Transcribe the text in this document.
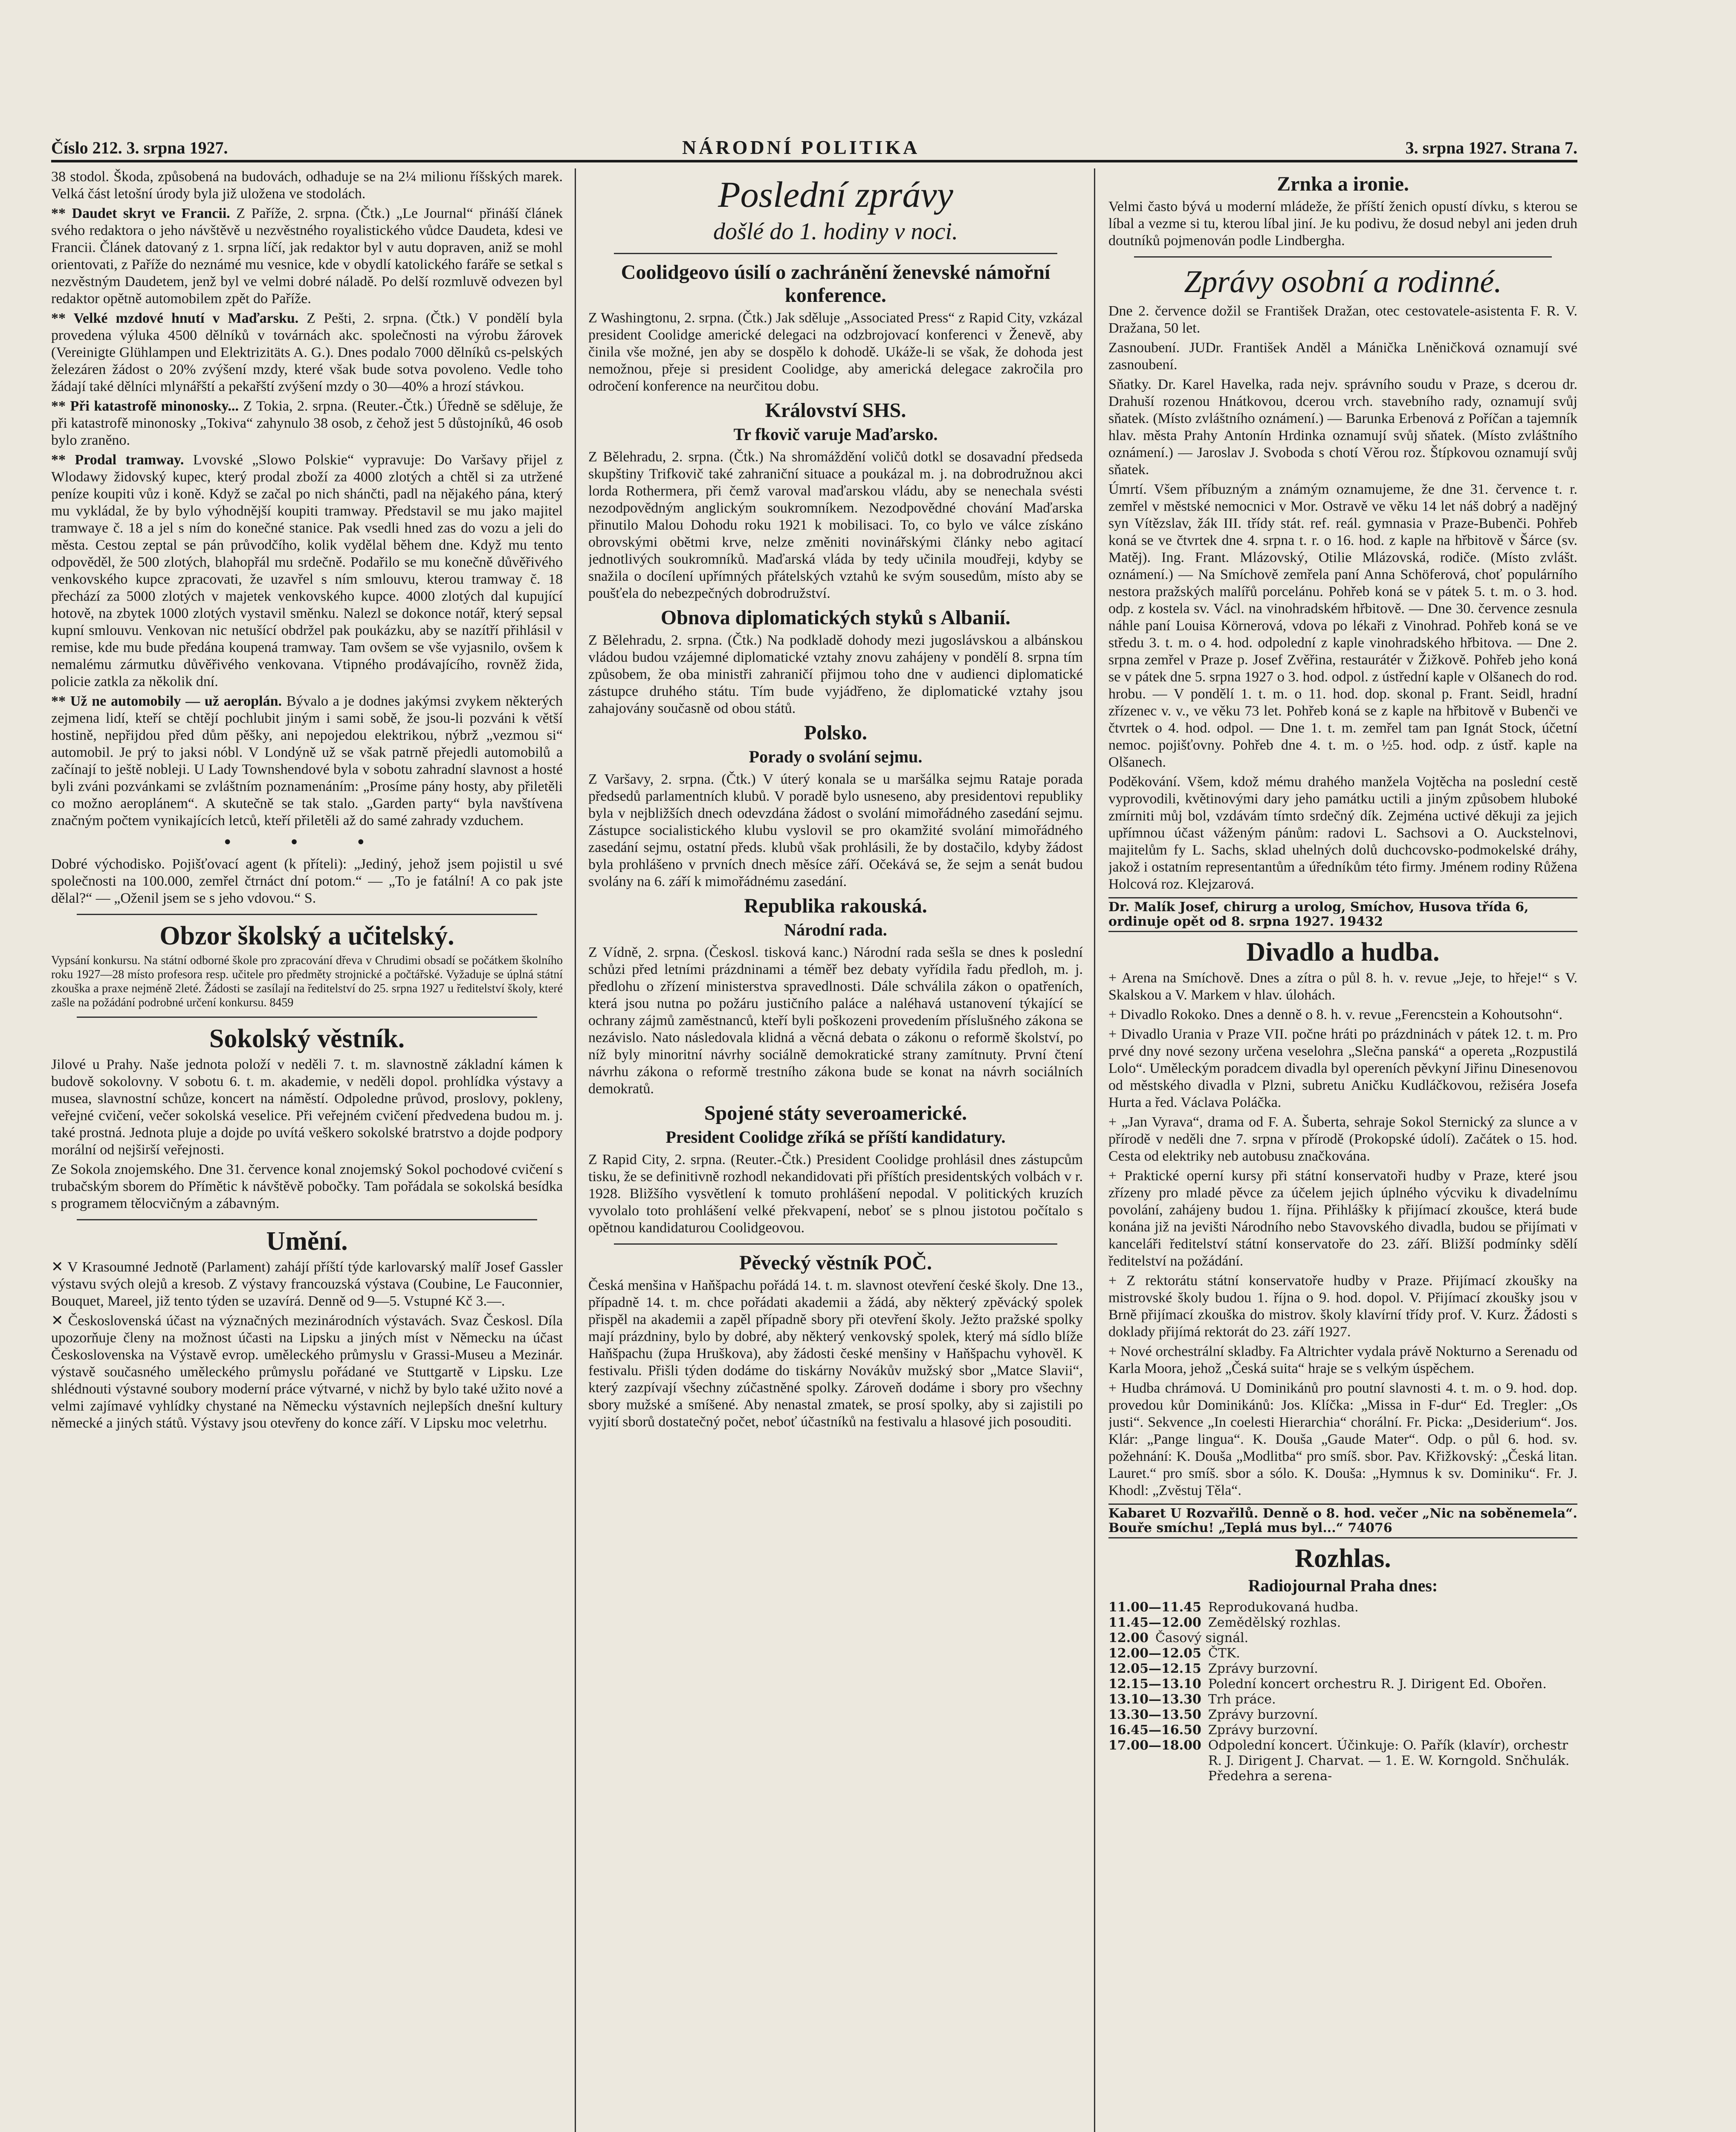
Číslo 212. 3. srpna 1927.	NÁRODNÍ POLITIKA	3. srpna 1927. Strana 7.

38 stodol. Škoda, způsobená na budovách, odhaduje se na 2¼ milionu říšských marek. Velká část letošní úrody byla již uložena ve stodolách.

** Daudet skryt ve Francii. Z Paříže, 2. srpna. (Čtk.) „Le Journal“ přináší článek svého redaktora o jeho návštěvě u nezvěstného royalistického vůdce Daudeta, kdesi ve Francii. Článek datovaný z 1. srpna líčí, jak redaktor byl v autu dopraven, aniž se mohl orientovati, z Paříže do neznámé mu vesnice, kde v obydlí katolického faráře se setkal s nezvěstným Daudetem, jenž byl ve velmi dobré náladě. Po delší rozmluvě odvezen byl redaktor opětně automobilem zpět do Paříže.

** Velké mzdové hnutí v Maďarsku. Z Pešti, 2. srpna. (Čtk.) V pondělí byla provedena výluka 4500 dělníků v továrnách akc. společnosti na výrobu žárovek (Vereinigte Glühlampen und Elektrizitäts A. G.). Dnes podalo 7000 dělníků cs-pelských železáren žádost o 20% zvýšení mzdy, které však bude sotva povoleno. Vedle toho žádají také dělníci mlynářští a pekařští zvýšení mzdy o 30—40% a hrozí stávkou.

** Při katastrofě minonosky... Z Tokia, 2. srpna. (Reuter.-Čtk.) Úředně se sděluje, že při katastrofě minonosky „Tokiva“ zahynulo 38 osob, z čehož jest 5 důstojníků, 46 osob bylo zraněno.

** Prodal tramway. Lvovské „Slowo Polskie“ vypravuje: Do Varšavy přijel z Wlodawy židovský kupec, který prodal zboží za 4000 zlotých a chtěl si za utržené peníze koupiti vůz i koně. Když se začal po nich shánčti, padl na nějakého pána, který mu vykládal, že by bylo výhodnější koupiti tramway. Představil se mu jako majitel tramwaye č. 18 a jel s ním do konečné stanice. Pak vsedli hned zas do vozu a jeli do města. Cestou zeptal se pán průvodčího, kolik vydělal během dne. Když mu tento odpověděl, že 500 zlotých, blahopřál mu srdečně. Podařilo se mu konečně důvěřivého venkovského kupce zpracovati, že uzavřel s ním smlouvu, kterou tramway č. 18 přechází za 5000 zlotých v majetek venkovského kupce. 4000 zlotých dal kupující hotově, na zbytek 1000 zlotých vystavil směnku. Nalezl se dokonce notář, který sepsal kupní smlouvu. Venkovan nic netušící obdržel pak poukázku, aby se nazítří přihlásil v remise, kde mu bude předána koupená tramway. Tam ovšem se vše vyjasnilo, ovšem k nemalému zármutku důvěřivého venkovana. Vtipného prodávajícího, rovněž žida, policie zatkla za několik dní.

** Už ne automobily — už aeroplán. Bývalo a je dodnes jakýmsi zvykem některých zejmena lidí, kteří se chtějí pochlubit jiným i sami sobě, že jsou-li pozváni k větší hostině, nepřijdou před dům pěšky, ani nepojedou elektrikou, nýbrž „vezmou si“ automobil. Je prý to jaksi nóbl. V Londýně už se však patrně přejedli automobilů a začínají to ještě nobleji. U Lady Townshendové byla v sobotu zahradní slavnost a hosté byli zváni pozvánkami se zvláštním poznamenáním: „Prosíme pány hosty, aby přiletěli co možno aeroplánem“. A skutečně se tak stalo. „Garden party“ byla navštívena značným počtem vynikajících letců, kteří přiletěli až do samé zahrady vzduchem.

• • •

Dobré východisko. Pojišťovací agent (k příteli): „Jediný, jehož jsem pojistil u své společnosti na 100.000, zemřel čtrnáct dní potom.“ — „To je fatální! A co pak jste dělal?“ — „Oženil jsem se s jeho vdovou.“ S.

Obzor školský a učitelský.

Vypsání konkursu. Na státní odborné škole pro zpracování dřeva v Chrudimi obsadí se počátkem školního roku 1927—28 místo profesora resp. učitele pro předměty strojnické a počtářské. Vyžaduje se úplná státní zkouška a praxe nejméně 2leté. Žádosti se zasílají na ředitelství do 25. srpna 1927 u ředitelství školy, které zašle na požádání podrobné určení konkursu. 8459

Sokolský věstník.

Jilové u Prahy. Naše jednota položí v neděli 7. t. m. slavnostně základní kámen k budově sokolovny. V sobotu 6. t. m. akademie, v neděli dopol. prohlídka výstavy a musea, slavnostní schůze, koncert na náměstí. Odpoledne průvod, proslovy, pokleny, veřejné cvičení, večer sokolská veselice. Při veřejném cvičení předvedena budou m. j. také prostná. Jednota pluje a dojde po uvítá veškero sokolské bratrstvo a dojde podpory morální od nejširší veřejnosti.

Ze Sokola znojemského. Dne 31. července konal znojemský Sokol pochodové cvičení s trubačským sborem do Přímětic k návštěvě pobočky. Tam pořádala se sokolská besídka s programem tělocvičným a zábavným.

Umění.

✕ V Krasoumné Jednotě (Parlament) zahájí příští týde karlovarský malíř Josef Gassler výstavu svých olejů a kresob. Z výstavy francouzská výstava (Coubine, Le Fauconnier, Bouquet, Mareel, již tento týden se uzavírá. Denně od 9—5. Vstupné Kč 3.—.

✕ Československá účast na význačných mezinárodních výstavách. Svaz Českosl. Díla upozorňuje členy na možnost účasti na Lipsku a jiných míst v Německu na účast Československa na Výstavě evrop. uměleckého průmyslu v Grassi-Museu a Mezinár. výstavě současného uměleckého průmyslu pořádané ve Stuttgartě v Lipsku. Lze shlédnouti výstavné soubory moderní práce výtvarné, v nichž by bylo také užito nové a velmi zajímavé vyhlídky chystané na Německu výstavních nejlepších dnešní kultury německé a jiných států. Výstavy jsou otevřeny do konce září. V Lipsku moc veletrhu.

Poslední zprávy
došlé do 1. hodiny v noci.
Coolidgeovo úsilí o zachránění ženevské námořní konference.

Z Washingtonu, 2. srpna. (Čtk.) Jak sděluje „Associated Press“ z Rapid City, vzkázal president Coolidge americké delegaci na odzbrojovací konferenci v Ženevě, aby činila vše možné, jen aby se dospělo k dohodě. Ukáže-li se však, že dohoda jest nemožnou, přeje si president Coolidge, aby americká delegace zakročila pro odročení konference na neurčitou dobu.

Království SHS.
Tr fkovič varuje Maďarsko.

Z Bělehradu, 2. srpna. (Čtk.) Na shromáždění voličů dotkl se dosavadní předseda skupštiny Trifkovič také zahraniční situace a poukázal m. j. na dobrodružnou akci lorda Rothermera, při čemž varoval maďarskou vládu, aby se nenechala svésti nezodpovědným anglickým soukromníkem. Nezodpovědné chování Maďarska přinutilo Malou Dohodu roku 1921 k mobilisaci. To, co bylo ve válce získáno obrovskými obětmi krve, nelze změniti novinářskými články nebo agitací jednotlivých soukromníků. Maďarská vláda by tedy učinila moudřeji, kdyby se snažila o docílení upřímných přátelských vztahů ke svým sousedům, místo aby se poušťela do nebezpečných dobrodružství.

Obnova diplomatických styků s Albanií.

Z Bělehradu, 2. srpna. (Čtk.) Na podkladě dohody mezi jugoslávskou a albánskou vládou budou vzájemné diplomatické vztahy znovu zahájeny v pondělí 8. srpna tím způsobem, že oba ministři zahraničí přijmou toho dne v audienci diplomatické zástupce druhého státu. Tím bude vyjádřeno, že diplomatické vztahy jsou zahajovány současně od obou států.

Polsko.
Porady o svolání sejmu.

Z Varšavy, 2. srpna. (Čtk.) V úterý konala se u maršálka sejmu Rataje porada předsedů parlamentních klubů. V poradě bylo usneseno, aby presidentovi republiky byla v nejbližších dnech odevzdána žádost o svolání mimořádného zasedání sejmu. Zástupce socialistického klubu vyslovil se pro okamžité svolání mimořádného zasedání sejmu, ostatní předs. klubů však prohlásili, že by dostačilo, kdyby žádost byla prohlášeno v prvních dnech měsíce září. Očekává se, že sejm a senát budou svolány na 6. září k mimořádnému zasedání.

Republika rakouská.
Národní rada.

Z Vídně, 2. srpna. (Českosl. tisková kanc.) Národní rada sešla se dnes k poslední schůzi před letními prázdninami a téměř bez debaty vyřídila řadu předloh, m. j. předlohu o zřízení ministerstva spravedlnosti. Dále schválila zákon o opatřeních, která jsou nutna po požáru justičního paláce a naléhavá ustanovení týkající se ochrany zájmů zaměstnanců, kteří byli poškozeni provedením příslušného zákona se nezávislo. Nato následovala klidná a věcná debata o zákonu o reformě školství, po níž byly minoritní návrhy sociálně demokratické strany zamítnuty. První čtení návrhu zákona o reformě trestního zákona bude se konat na návrh sociálních demokratů.

Spojené státy severoamerické.
President Coolidge zříká se příští kandidatury.

Z Rapid City, 2. srpna. (Reuter.-Čtk.) President Coolidge prohlásil dnes zástupcům tisku, že se definitivně rozhodl nekandidovati při příštích presidentských volbách v r. 1928. Bližšího vysvětlení k tomuto prohlášení nepodal. V politických kruzích vyvolalo toto prohlášení velké překvapení, neboť se s plnou jistotou počítalo s opětnou kandidaturou Coolidgeovou.

Pěvecký věstník POČ.

Česká menšina v Haňšpachu pořádá 14. t. m. slavnost otevření české školy. Dne 13., případně 14. t. m. chce pořádati akademii a žádá, aby některý zpěvácký spolek přispěl na akademii a zapěl případně sbory při otevření školy. Ježto pražské spolky mají prázdniny, bylo by dobré, aby některý venkovský spolek, který má sídlo blíže Haňšpachu (župa Hruškova), aby žádosti české menšiny v Haňšpachu vyhověl. K festivalu. Přišli týden dodáme do tiskárny Novákův mužský sbor „Matce Slavii“, který zazpívají všechny zúčastněné spolky. Zároveň dodáme i sbory pro všechny sbory mužské a smíšené. Aby nenastal zmatek, se prosí spolky, aby si zajistili po vyjití sborů dostatečný počet, neboť účastníků na festivalu a hlasové jich posouditi.

Zrnka a ironie.

Velmi často bývá u moderní mládeže, že příští ženich opustí dívku, s kterou se líbal a vezme si tu, kterou líbal jiní. Je ku podivu, že dosud nebyl ani jeden druh doutníků pojmenován podle Lindbergha.

Zprávy osobní a rodinné.

Dne 2. července dožil se František Dražan, otec cestovatele-asistenta F. R. V. Dražana, 50 let.

Zasnoubení. JUDr. František Anděl a Mánička Lněničková oznamují své zasnoubení.

Sňatky. Dr. Karel Havelka, rada nejv. správního soudu v Praze, s dcerou dr. Drahuší rozenou Hnátkovou, dcerou vrch. stavebního rady, oznamují svůj sňatek. (Místo zvláštního oznámení.) — Barunka Erbenová z Poříčan a tajemník hlav. města Prahy Antonín Hrdinka oznamují svůj sňatek. (Místo zvláštního oznámení.) — Jaroslav J. Svoboda s chotí Věrou roz. Štípkovou oznamují svůj sňatek.

Úmrtí. Všem příbuzným a známým oznamujeme, že dne 31. července t. r. zemřel v městské nemocnici v Mor. Ostravě ve věku 14 let náš dobrý a nadějný syn Vítězslav, žák III. třídy stát. ref. reál. gymnasia v Praze-Bubenči. Pohřeb koná se ve čtvrtek dne 4. srpna t. r. o 16. hod. z kaple na hřbitově v Šárce (sv. Matěj). Ing. Frant. Mlázovský, Otilie Mlázovská, rodiče. (Místo zvlášt. oznámení.) — Na Smíchově zemřela paní Anna Schöferová, choť populárního nestora pražských malířů porcelánu. Pohřeb koná se v pátek 5. t. m. o 3. hod. odp. z kostela sv. Václ. na vinohradském hřbitově. — Dne 30. července zesnula náhle paní Louisa Körnerová, vdova po lékaři z Vinohrad. Pohřeb koná se ve středu 3. t. m. o 4. hod. odpolední z kaple vinohradského hřbitova. — Dne 2. srpna zemřel v Praze p. Josef Zvěřina, restaurátér v Žižkově. Pohřeb jeho koná se v pátek dne 5. srpna 1927 o 3. hod. odpol. z ústřední kaple v Olšanech do rod. hrobu. — V pondělí 1. t. m. o 11. hod. dop. skonal p. Frant. Seidl, hradní zřízenec v. v., ve věku 73 let. Pohřeb koná se z kaple na hřbitově v Bubenči ve čtvrtek o 4. hod. odpol. — Dne 1. t. m. zemřel tam pan Ignát Stock, účetní nemoc. pojišťovny. Pohřeb dne 4. t. m. o ½5. hod. odp. z ústř. kaple na Olšanech.

Poděkování. Všem, kdož mému drahého manžela Vojtěcha na poslední cestě vyprovodili, květinovými dary jeho památku uctili a jiným způsobem hluboké zmírniti můj bol, vzdávám tímto srdečný dík. Zejména uctivé děkuji za jejich upřímnou účast váženým pánům: radovi L. Sachsovi a O. Auckstelnovi, majitelům fy L. Sachs, sklad uhelných dolů duchcovsko-podmokelské dráhy, jakož i ostatním representantům a úředníkům této firmy. Jménem rodiny Růžena Holcová roz. Klejzarová.

Dr. Malík Josef, chirurg a urolog, Smíchov, Husova třída 6, ordinuje opět od 8. srpna 1927. 19432
Divadlo a hudba.

+ Arena na Smíchově. Dnes a zítra o půl 8. h. v. revue „Jeje, to hřeje!“ s V. Skalskou a V. Markem v hlav. úlohách.

+ Divadlo Rokoko. Dnes a denně o 8. h. v. revue „Ferencstein a Kohoutsohn“.

+ Divadlo Urania v Praze VII. počne hráti po prázdninách v pátek 12. t. m. Pro prvé dny nové sezony určena veselohra „Slečna panská“ a opereta „Rozpustilá Lolo“. Uměleckým poradcem divadla byl opereních pěvkyní Jiřinu Dinesenovou od městského divadla v Plzni, subretu Aničku Kudláčkovou, režiséra Josefa Hurta a řed. Václava Poláčka.

+ „Jan Vyrava“, drama od F. A. Šuberta, sehraje Sokol Sternický za slunce a v přírodě v neděli dne 7. srpna v přírodě (Prokopské údolí). Začátek o 15. hod. Cesta od elektriky neb autobusu značkována.

+ Praktické operní kursy při státní konservatoři hudby v Praze, které jsou zřízeny pro mladé pěvce za účelem jejich úplného výcviku k divadelnímu povolání, zahájeny budou 1. října. Přihlášky k přijímací zkoušce, která bude konána již na jevišti Národního nebo Stavovského divadla, budou se přijímati v kanceláři ředitelství státní konservatoře do 23. září. Bližší podmínky sdělí ředitelství na požádání.

+ Z rektorátu státní konservatoře hudby v Praze. Přijímací zkoušky na mistrovské školy budou 1. října o 9. hod. dopol. V. Přijímací zkoušky jsou v Brně přijímací zkouška do mistrov. školy klavírní třídy prof. V. Kurz. Žádosti s doklady přijímá rektorát do 23. září 1927.

+ Nové orchestrální skladby. Fa Altrichter vydala právě Nokturno a Serenadu od Karla Moora, jehož „Česká suita“ hraje se s velkým úspěchem.

+ Hudba chrámová. U Dominikánů pro poutní slavnosti 4. t. m. o 9. hod. dop. provedou kůr Dominikánů: Jos. Klíčka: „Missa in F-dur“ Ed. Tregler: „Os justi“. Sekvence „In coelesti Hierarchia“ chorální. Fr. Picka: „Desiderium“. Jos. Klár: „Pange lingua“. K. Douša „Gaude Mater“. Odp. o půl 6. hod. sv. požehnání: K. Douša „Modlitba“ pro smíš. sbor. Pav. Křižkovský: „Česká litan. Lauret.“ pro smíš. sbor a sólo. K. Douša: „Hymnus k sv. Dominiku“. Fr. J. Khodl: „Zvěstuj Těla“.

Kabaret U Rozvařilů. Denně o 8. hod. večer „Nic na soběnemela“. Bouře smíchu! „Teplá mus byl...“ 74076
Rozhlas.
Radiojournal Praha dnes:
11.00—11.45 Reprodukovaná hudba.
11.45—12.00 Zemědělský rozhlas.
12.00 Časový signál.
12.00—12.05 ČTK.
12.05—12.15 Zprávy burzovní.
12.15—13.10 Polední koncert orchestru R. J. Dirigent Ed. Obořen.
13.10—13.30 Trh práce.
13.30—13.50 Zprávy burzovní.
16.45—16.50 Zprávy burzovní.
17.00—18.00 Odpolední koncert. Účinkuje: O. Pařík (klavír), orchestr R. J. Dirigent J. Charvat. — 1. E. W. Korngold. Snčhulák. Předehra a serena-
